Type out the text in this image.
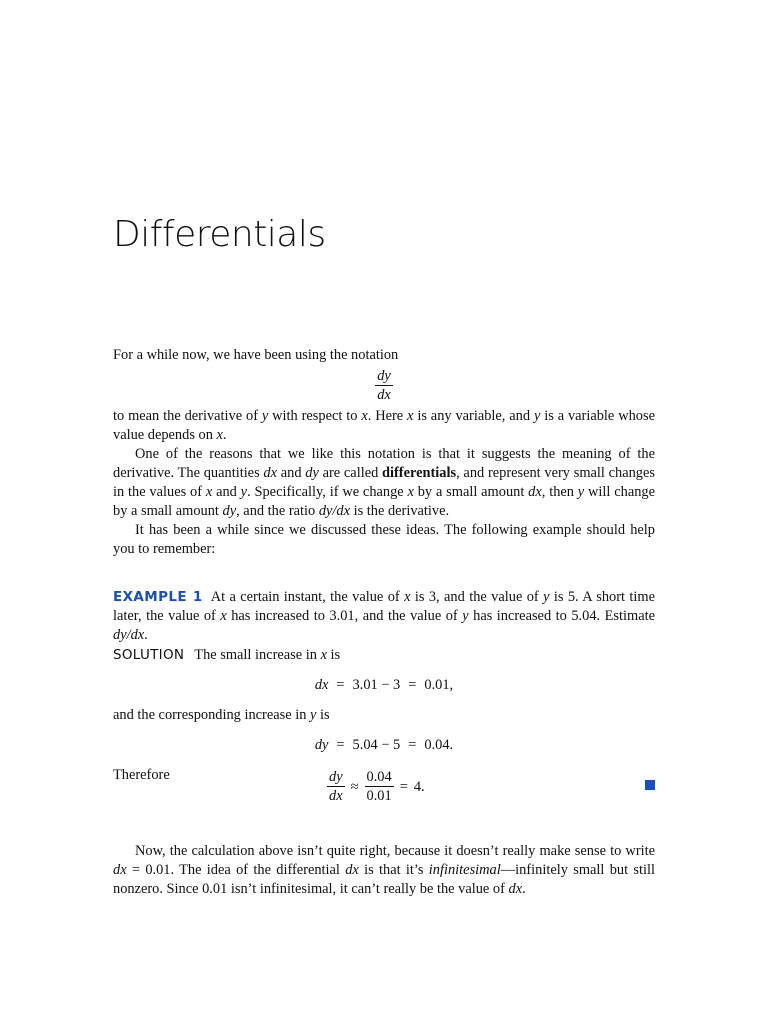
Differentials

For a while now, we have been using the notation

$\frac{dy}{dx}$

to mean the derivative of y with respect to x. Here x is any variable, and y is a variable whose value depends on x.

One of the reasons that we like this notation is that it suggests the meaning of the derivative. The quantities dx and dy are called differentials, and represent very small changes in the values of x and y. Specifically, if we change x by a small amount dx, then y will change by a small amount dy, and the ratio dy/dx is the derivative.

It has been a while since we discussed these ideas. The following example should help you to remember:

EXAMPLE 1 At a certain instant, the value of x is 3, and the value of y is 5. A short time later, the value of x has increased to 3.01, and the value of y has increased to 5.04. Estimate dy/dx.

SOLUTION The small increase in x is

dx = 3.01 − 3 = 0.01,

and the corresponding increase in y is

dy = 5.04 − 5 = 0.04.
Therefore	$\frac{dy}{dx} \approx \frac{0.04}{0.01} = 4$.

Now, the calculation above isn’t quite right, because it doesn’t really make sense to write dx = 0.01. The idea of the differential dx is that it’s infinitesimal—infinitely small but still nonzero. Since 0.01 isn’t infinitesimal, it can’t really be the value of dx.
